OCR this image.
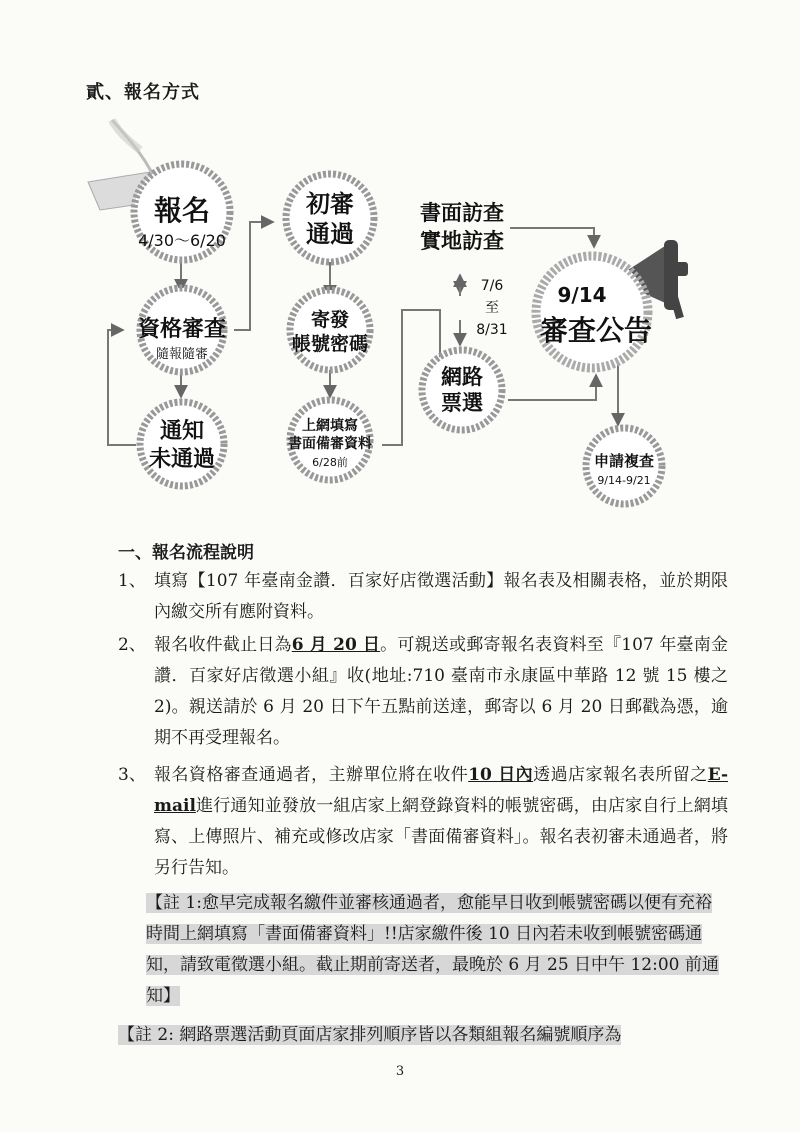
貳、報名方式
報名
4/30～6/20
資格審查
隨報隨審
通知
未通過
初審
通過
寄發
帳號密碼
上網填寫
書面備審資料
6/28前
書面訪查
實地訪查
7/6
至
8/31
網路
票選
9/14
審查公告
申請複查
9/14-9/21
一、報名流程說明
1、 填寫【107 年臺南金讚．百家好店徵選活動】報名表及相關表格，並於期限內繳交所有應附資料。
2、 報名收件截止日為6 月 20 日。可親送或郵寄報名表資料至『107 年臺南金讚．百家好店徵選小組』收(地址:710 臺南市永康區中華路 12 號 15 樓之 2)。親送請於 6 月 20 日下午五點前送達，郵寄以 6 月 20 日郵戳為憑，逾期不再受理報名。
3、 報名資格審查通過者，主辦單位將在收件10 日內透過店家報名表所留之E-mail進行通知並發放一組店家上網登錄資料的帳號密碼，由店家自行上網填寫、上傳照片、補充或修改店家「書面備審資料」。報名表初審未通過者，將另行告知。
【註 1:愈早完成報名繳件並審核通過者，愈能早日收到帳號密碼以便有充裕時間上網填寫「書面備審資料」!!店家繳件後 10 日內若未收到帳號密碼通知，請致電徵選小組。截止期前寄送者，最晚於 6 月 25 日中午 12:00 前通知】
【註 2: 網路票選活動頁面店家排列順序皆以各類組報名編號順序為
3
